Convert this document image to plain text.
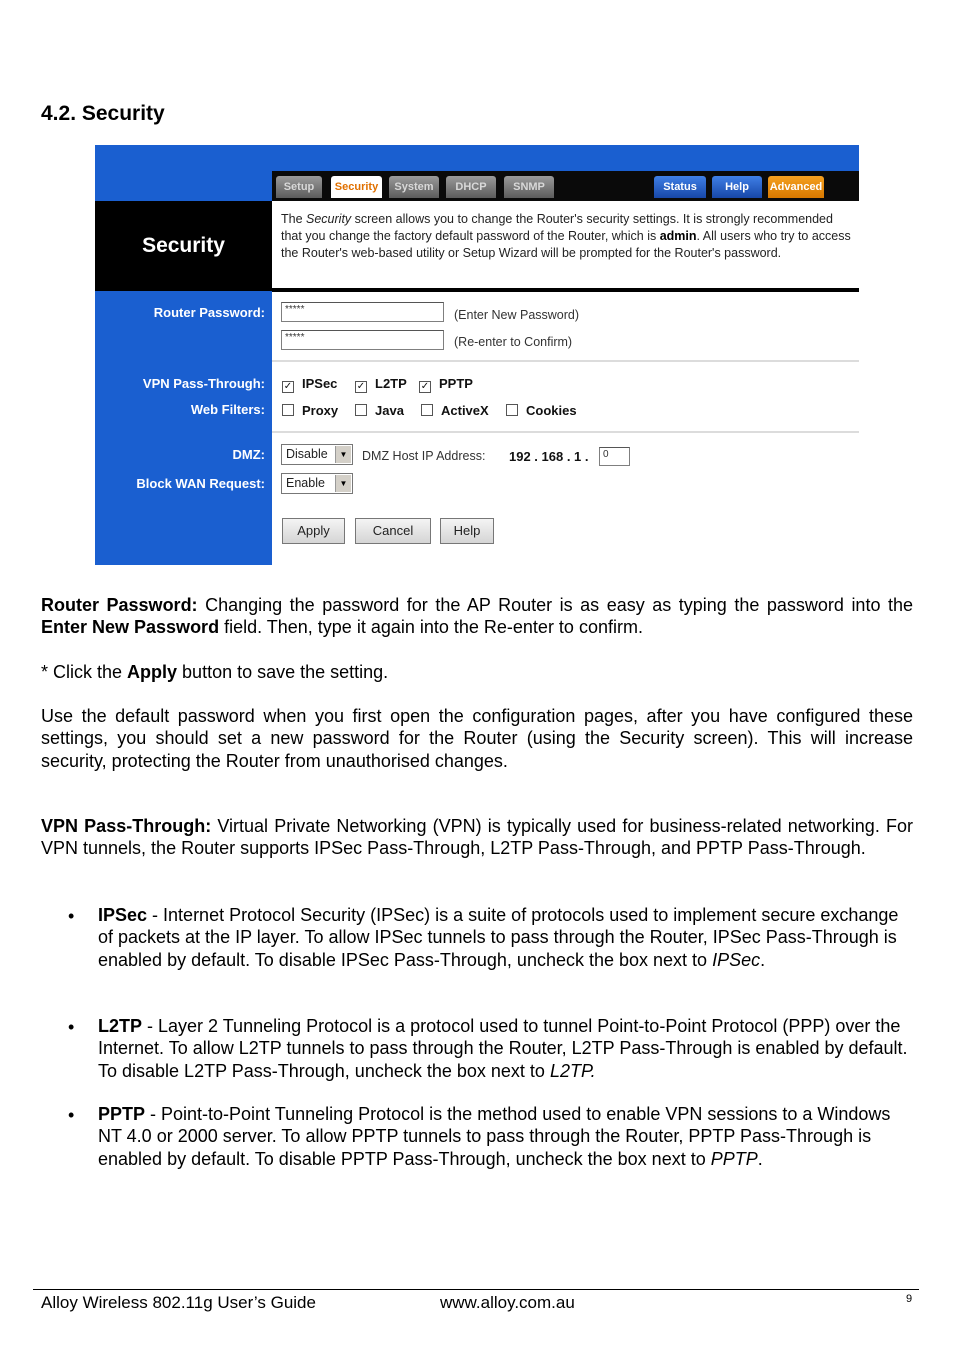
4.2. Security
Setup	Security	System	DHCP	SNMP	Status	Help	Advanced
Security
The Security screen allows you to change the Router's security settings. It is strongly recommended that you change the factory default password of the Router, which is admin. All users who try to access the Router's web-based utility or Setup Wizard will be prompted for the Router's password.
Router Password:	*****	(Enter New Password)
*****	(Re-enter to Confirm)
VPN Pass-Through: ✓ IPSec ✓ L2TP ✓ PPTP
Web Filters:	Proxy	Java	ActiveX	Cookies
DMZ:	Disable	▼ DMZ Host IP Address: 192 . 168 . 1 .	0
Block WAN Request:	Enable	▼
Apply	Cancel	Help
Router Password: Changing the password for the AP Router is as easy as typing the password into the Enter New Password field. Then, type it again into the Re-enter to confirm.
* Click the Apply button to save the setting.
Use the default password when you first open the configuration pages, after you have configured these settings, you should set a new password for the Router (using the Security screen). This will increase security, protecting the Router from unauthorised changes.
VPN Pass-Through: Virtual Private Networking (VPN) is typically used for business-related networking. For VPN tunnels, the Router supports IPSec Pass-Through, L2TP Pass-Through, and PPTP Pass-Through.
• IPSec - Internet Protocol Security (IPSec) is a suite of protocols used to implement secure exchange of packets at the IP layer. To allow IPSec tunnels to pass through the Router, IPSec Pass-Through is enabled by default. To disable IPSec Pass-Through, uncheck the box next to IPSec.
• L2TP - Layer 2 Tunneling Protocol is a protocol used to tunnel Point-to-Point Protocol (PPP) over the Internet. To allow L2TP tunnels to pass through the Router, L2TP Pass-Through is enabled by default. To disable L2TP Pass-Through, uncheck the box next to L2TP.
• PPTP - Point-to-Point Tunneling Protocol is the method used to enable VPN sessions to a Windows NT 4.0 or 2000 server. To allow PPTP tunnels to pass through the Router, PPTP Pass-Through is enabled by default. To disable PPTP Pass-Through, uncheck the box next to PPTP.
Alloy Wireless 802.11g User’s Guide	www.alloy.com.au	9
